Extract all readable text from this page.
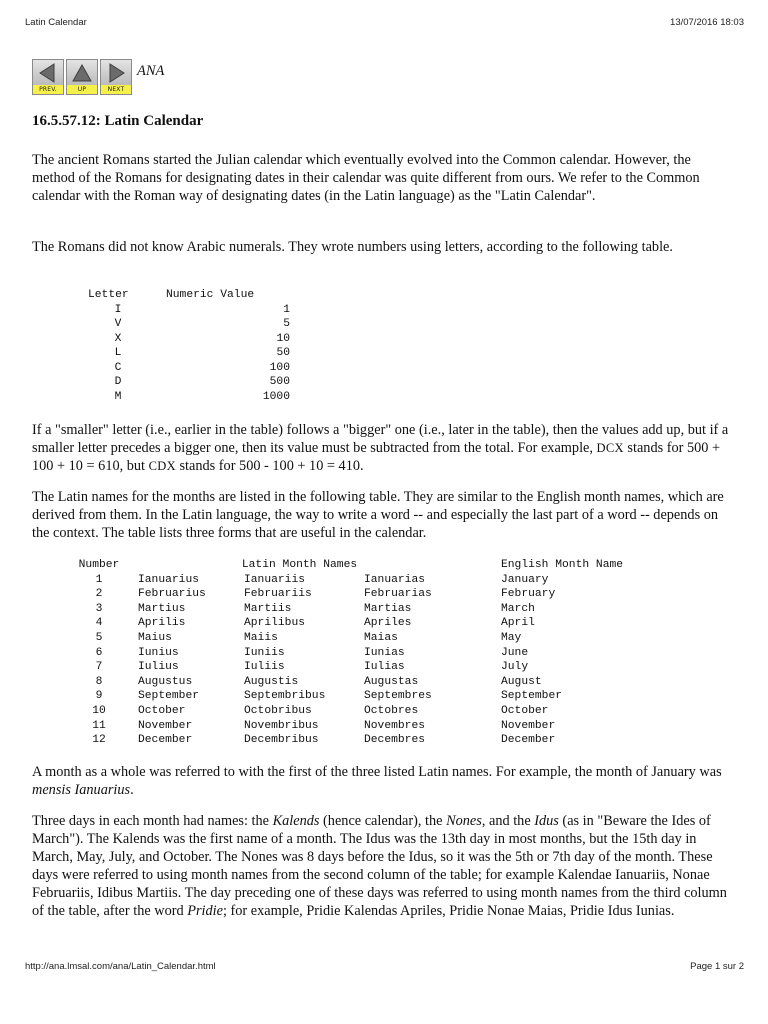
Latin Calendar	13/07/2016 18:03
PREV.	UP	NEXT
ANA
16.5.57.12: Latin Calendar

The ancient Romans started the Julian calendar which eventually evolved into the Common calendar. However, the method of the Romans for designating dates in their calendar was quite different from ours. We refer to the Common calendar with the Roman way of designating dates (in the Latin language) as the "Latin Calendar".

The Romans did not know Arabic numerals. They wrote numbers using letters, according to the following table.

Letter	Numeric Value
I	1
V	5
X	10
L	50
C	100
D	500
M	1000

If a "smaller" letter (i.e., earlier in the table) follows a "bigger" one (i.e., later in the table), then the values add up, but if a smaller letter precedes a bigger one, then its value must be subtracted from the total. For example, DCX stands for 500 + 100 + 10 = 610, but CDX stands for 500 - 100 + 10 = 410.

The Latin names for the months are listed in the following table. They are similar to the English month names, which are derived from them. In the Latin language, the way to write a word -- and especially the last part of a word -- depends on the context. The table lists three forms that are useful in the calendar.

Number	Latin Month Names			English Month Name
1	Ianuarius	Ianuariis	Ianuarias	January
2	Februarius	Februariis	Februarias	February
3	Martius	Martiis	Martias	March
4	Aprilis	Aprilibus	Apriles	April
5	Maius	Maiis	Maias	May
6	Iunius	Iuniis	Iunias	June
7	Iulius	Iuliis	Iulias	July
8	Augustus	Augustis	Augustas	August
9	September	Septembribus	Septembres	September
10	October	Octobribus	Octobres	October
11	November	Novembribus	Novembres	November
12	December	Decembribus	Decembres	December

A month as a whole was referred to with the first of the three listed Latin names. For example, the month of January was mensis Ianuarius.

Three days in each month had names: the Kalends (hence calendar), the Nones, and the Idus (as in "Beware the Ides of March"). The Kalends was the first name of a month. The Idus was the 13th day in most months, but the 15th day in March, May, July, and October. The Nones was 8 days before the Idus, so it was the 5th or 7th day of the month. These days were referred to using month names from the second column of the table; for example Kalendae Ianuariis, Nonae Februariis, Idibus Martiis. The day preceding one of these days was referred to using month names from the third column of the table, after the word Pridie; for example, Pridie Kalendas Apriles, Pridie Nonae Maias, Pridie Idus Iunias.

http://ana.lmsal.com/ana/Latin_Calendar.html	Page 1 sur 2
